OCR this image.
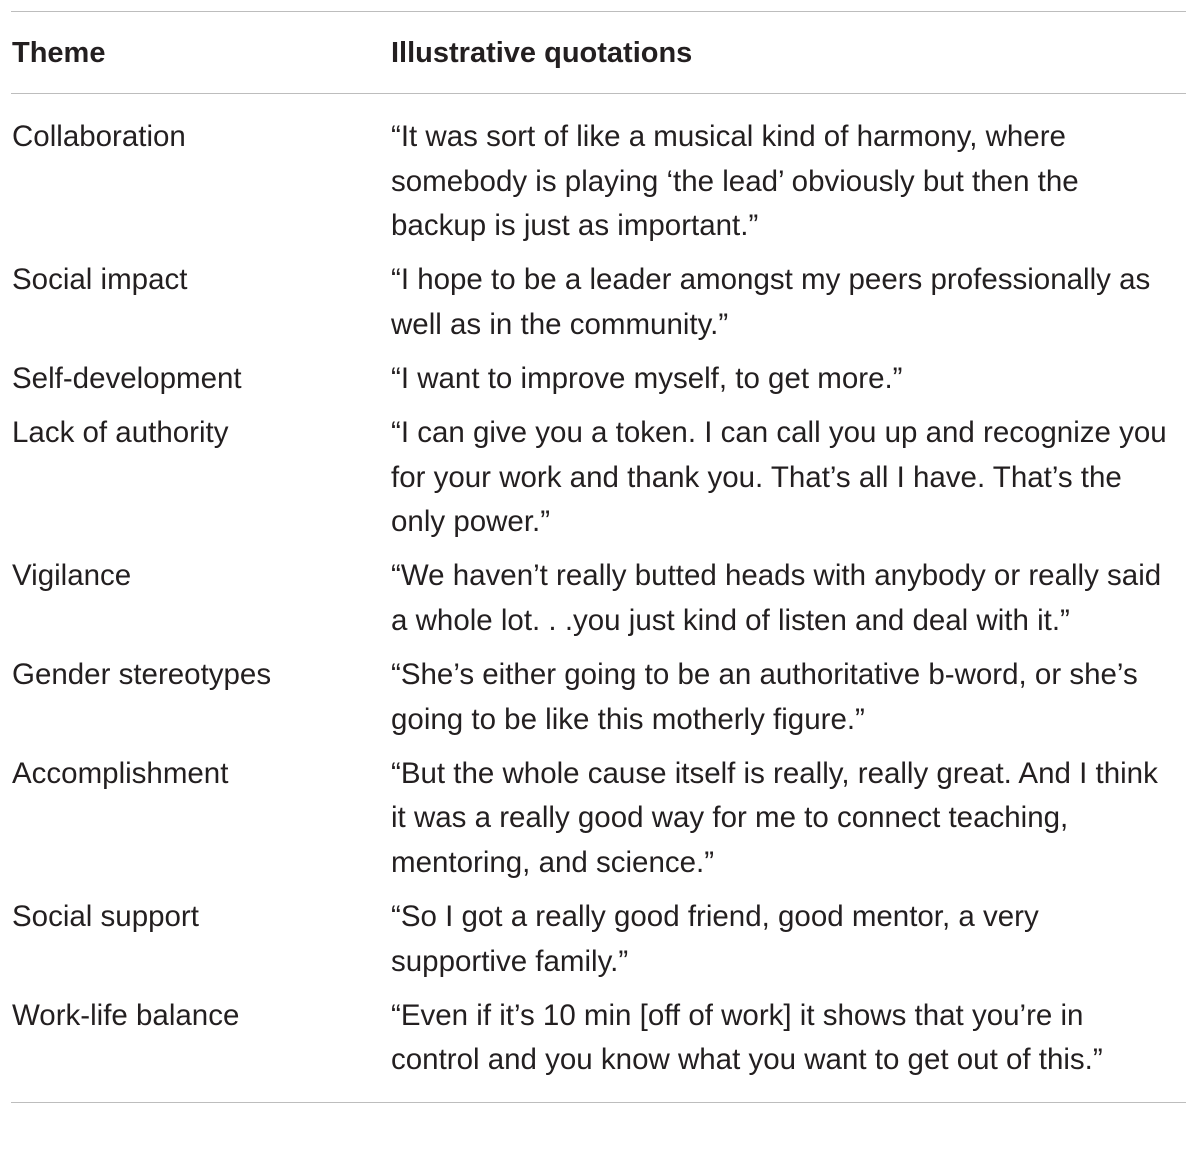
Theme	Illustrative quotations
Collaboration	“It was sort of like a musical kind of harmony, where somebody is playing ‘the lead’ obviously but then the backup is just as important.”
Social impact	“I hope to be a leader amongst my peers professionally as well as in the community.”
Self-development	“I want to improve myself, to get more.”
Lack of authority	“I can give you a token. I can call you up and recognize you for your work and thank you. That’s all I have. That’s the only power.”
Vigilance	“We haven’t really butted heads with anybody or really said a whole lot. . .you just kind of listen and deal with it.”
Gender stereotypes	“She’s either going to be an authoritative b-word, or she’s going to be like this motherly figure.”
Accomplishment	“But the whole cause itself is really, really great. And I think it was a really good way for me to connect teaching, mentoring, and science.”
Social support	“So I got a really good friend, good mentor, a very supportive family.”
Work-life balance	“Even if it’s 10 min [off of work] it shows that you’re in control and you know what you want to get out of this.”
